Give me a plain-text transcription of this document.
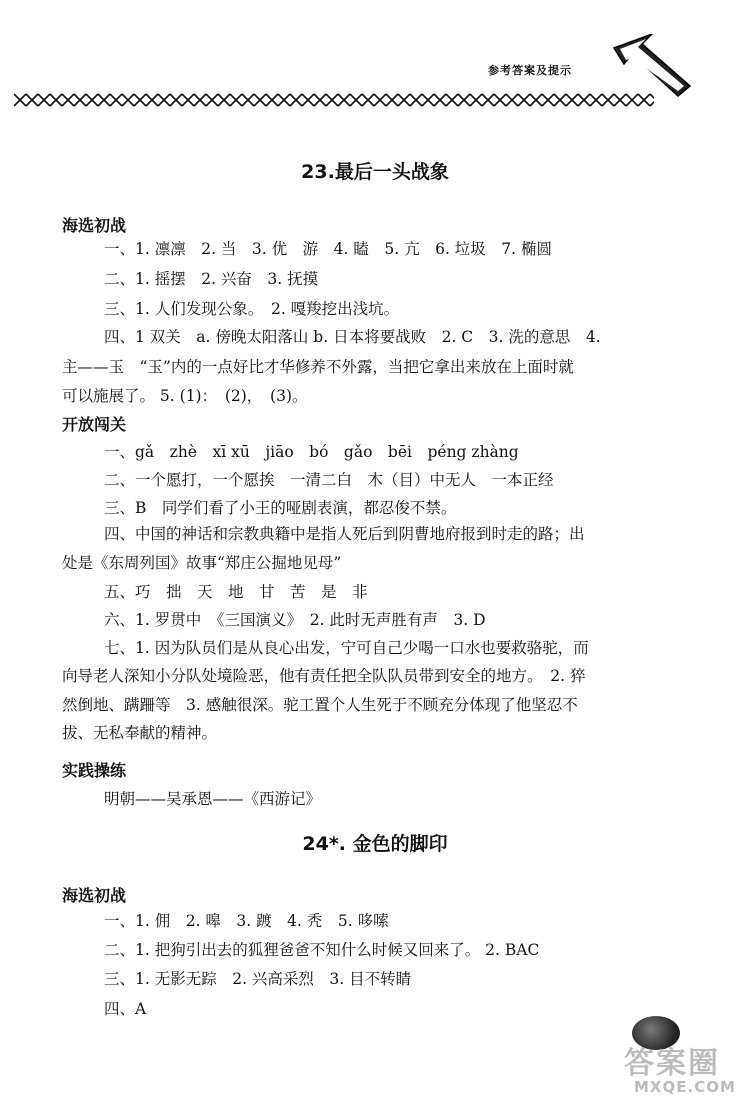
参考答案及提示
23.最后一头战象
海选初战
一、1. 凛凛　2. 当　3. 优　游　4. 瞌　5. 亢　6. 垃圾　7. 椭圆
二、1. 摇摆　2. 兴奋　3. 抚摸
三、1. 人们发现公象。　2. 嘎羧挖出浅坑。
四、1 双关　a. 傍晚太阳落山 b. 日本将要战败　2. C　3. 洗的意思　4.
主——玉　“玉”内的一点好比才华修养不外露，当把它拿出来放在上面时就
可以施展了。 5. (1)：　(2)，　(3)。
开放闯关
一、gǎ　zhè　xī xū　jiāo　bó　gǎo　bēi　péng zhàng
二、一个愿打，一个愿挨　一清二白　木（目）中无人　一本正经
三、B　同学们看了小王的哑剧表演，都忍俊不禁。
四、中国的神话和宗教典籍中是指人死后到阴曹地府报到时走的路；出
处是《东周列国》故事“郑庄公掘地见母”
五、巧　拙　天　地　甘　苦　是　非
六、1. 罗贯中　《三国演义》　2. 此时无声胜有声　3. D
七、1. 因为队员们是从良心出发，宁可自己少喝一口水也要救骆驼，而
向导老人深知小分队处境险恶，他有责任把全队队员带到安全的地方。　2. 猝
然倒地、蹒跚等　3. 感触很深。驼工置个人生死于不顾充分体现了他坚忍不
拔、无私奉献的精神。
实践操练
明朝——吴承恩——《西游记》
24*. 金色的脚印
海选初战
一、1. 佣　2. 嗥　3. 踱　4. 秃　5. 哆嗦
二、1. 把狗引出去的狐狸爸爸不知什么时候又回来了。 2. BAC
三、1. 无影无踪　2. 兴高采烈　3. 目不转睛
四、A
答案圈
MXQE.COM
